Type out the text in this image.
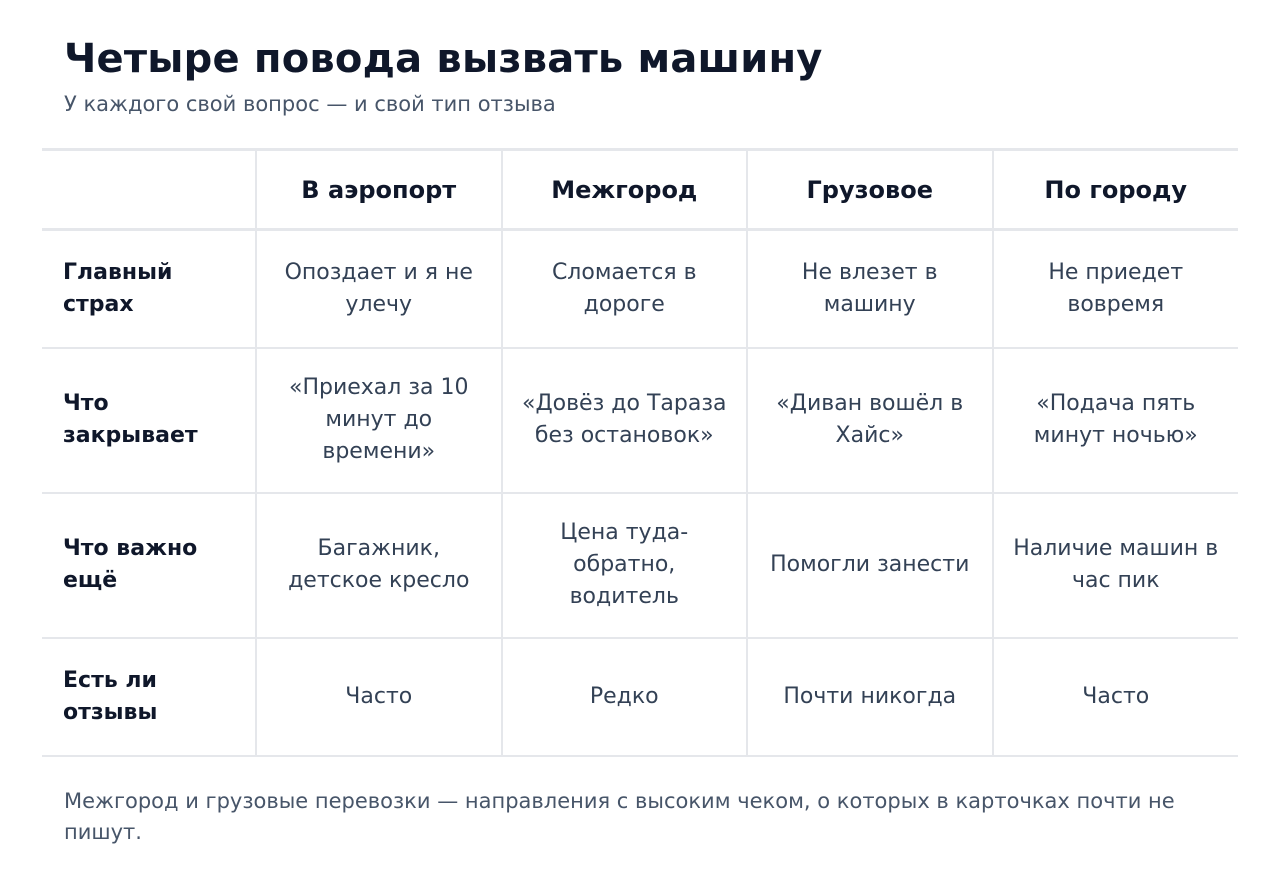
Четыре повода вызвать машину
У каждого свой вопрос — и свой тип отзыва
	В аэропорт	Межгород	Грузовое	По городу
Главный страх	Опоздает и я не улечу	Сломается в дороге	Не влезет в машину	Не приедет вовремя
Что закрывает	«Приехал за 10 минут до времени»	«Довёз до Тараза без остановок»	«Диван вошёл в Хайс»	«Подача пять минут ночью»
Что важно ещё	Багажник, детское кресло	Цена туда-обратно, водитель	Помогли занести	Наличие машин в час пик
Есть ли отзывы	Часто	Редко	Почти никогда	Часто

Межгород и грузовые перевозки — направления с высоким чеком, о которых в карточках почти не пишут.
